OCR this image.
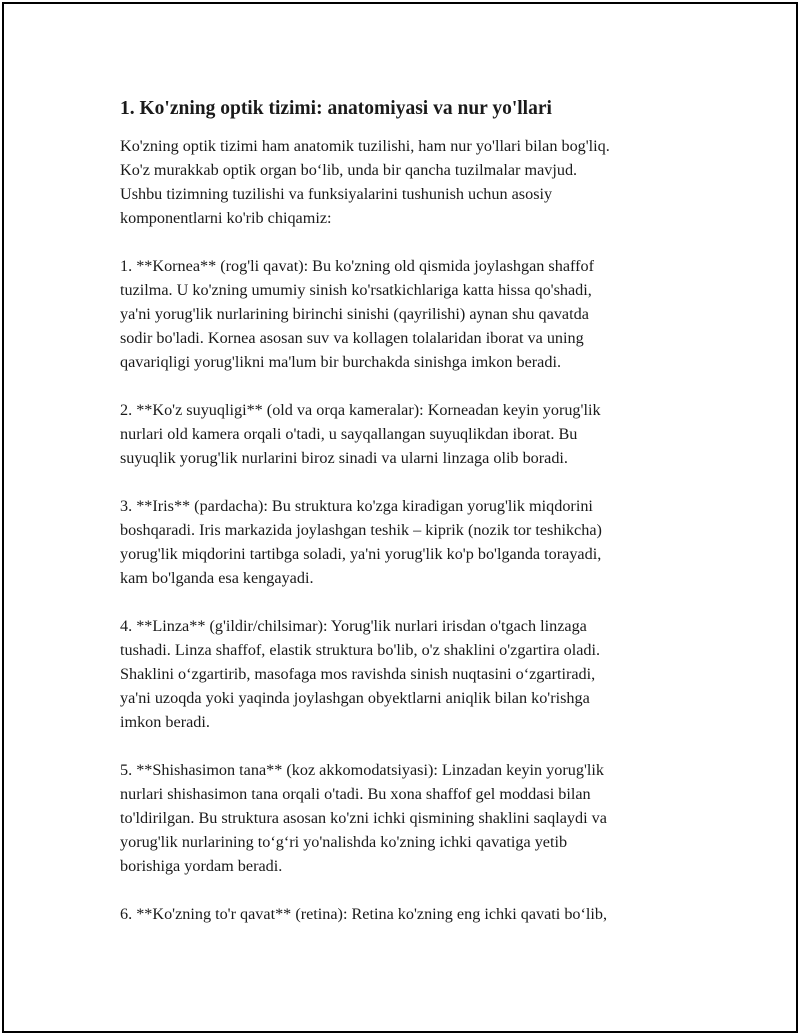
1. Ko'zning optik tizimi: anatomiyasi va nur yo'llari
Ko'zning optik tizimi ham anatomik tuzilishi, ham nur yo'llari bilan bog'liq.
Ko'z murakkab optik organ bo‘lib, unda bir qancha tuzilmalar mavjud.
Ushbu tizimning tuzilishi va funksiyalarini tushunish uchun asosiy
komponentlarni ko'rib chiqamiz:
1. **Kornea** (rog'li qavat): Bu ko'zning old qismida joylashgan shaffof
tuzilma. U ko'zning umumiy sinish ko'rsatkichlariga katta hissa qo'shadi,
ya'ni yorug'lik nurlarining birinchi sinishi (qayrilishi) aynan shu qavatda
sodir bo'ladi. Kornea asosan suv va kollagen tolalaridan iborat va uning
qavariqligi yorug'likni ma'lum bir burchakda sinishga imkon beradi.
2. **Ko'z suyuqligi** (old va orqa kameralar): Korneadan keyin yorug'lik
nurlari old kamera orqali o'tadi, u sayqallangan suyuqlikdan iborat. Bu
suyuqlik yorug'lik nurlarini biroz sinadi va ularni linzaga olib boradi.
3. **Iris** (pardacha): Bu struktura ko'zga kiradigan yorug'lik miqdorini
boshqaradi. Iris markazida joylashgan teshik – kiprik (nozik tor teshikcha)
yorug'lik miqdorini tartibga soladi, ya'ni yorug'lik ko'p bo'lganda torayadi,
kam bo'lganda esa kengayadi.
4. **Linza** (g'ildir/chilsimar): Yorug'lik nurlari irisdan o'tgach linzaga
tushadi. Linza shaffof, elastik struktura bo'lib, o'z shaklini o'zgartira oladi.
Shaklini o‘zgartirib, masofaga mos ravishda sinish nuqtasini o‘zgartiradi,
ya'ni uzoqda yoki yaqinda joylashgan obyektlarni aniqlik bilan ko'rishga
imkon beradi.
5. **Shishasimon tana** (koz akkomodatsiyasi): Linzadan keyin yorug'lik
nurlari shishasimon tana orqali o'tadi. Bu xona shaffof gel moddasi bilan
to'ldirilgan. Bu struktura asosan ko'zni ichki qismining shaklini saqlaydi va
yorug'lik nurlarining to‘g‘ri yo'nalishda ko'zning ichki qavatiga yetib
borishiga yordam beradi.
6. **Ko'zning to'r qavat** (retina): Retina ko'zning eng ichki qavati bo‘lib,
